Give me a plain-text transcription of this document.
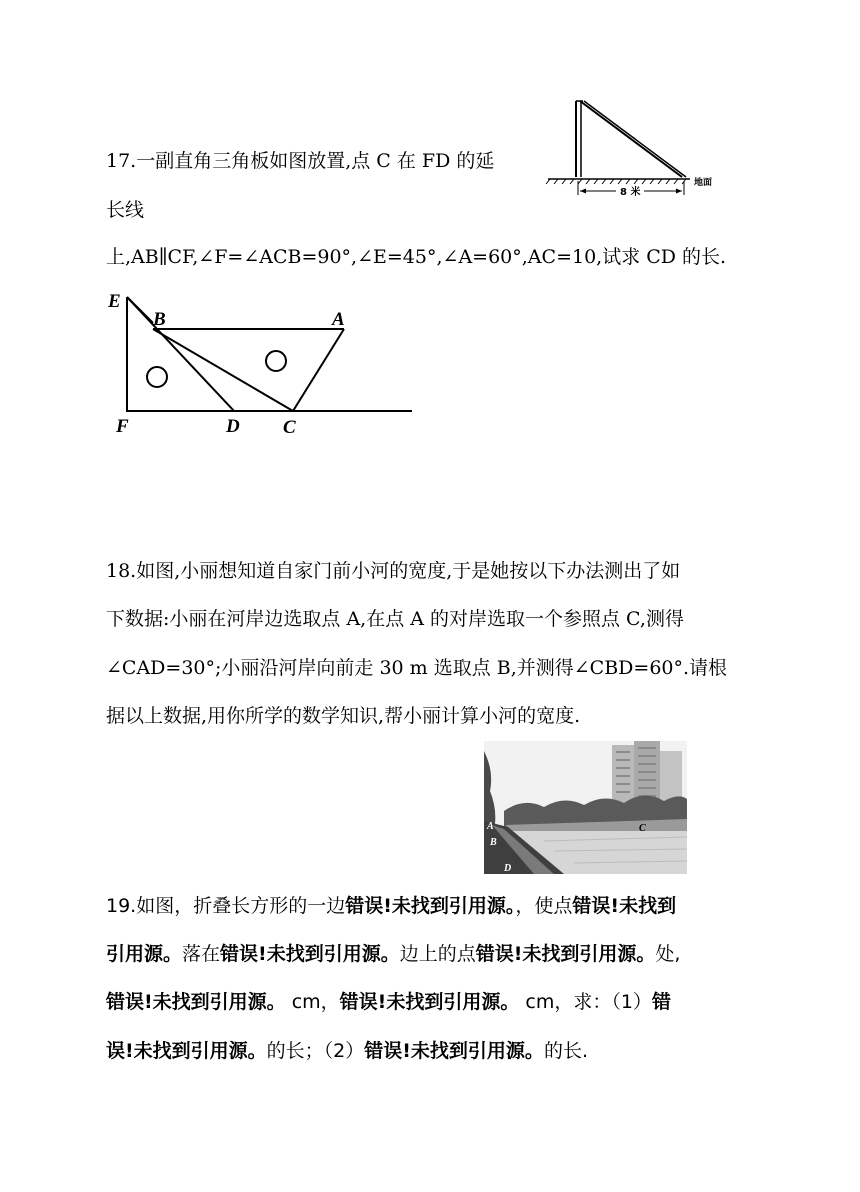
8 米
地面
17.一副直角三角板如图放置,点 C 在 FD 的延
长线
上,AB∥CF,∠F=∠ACB=90°,∠E=45°,∠A=60°,AC=10,试求 CD 的长.
E
B	A
F	D C
18.如图,小丽想知道自家门前小河的宽度,于是她按以下办法测出了如
下数据:小丽在河岸边选取点 A,在点 A 的对岸选取一个参照点 C,测得
∠CAD=30°;小丽沿河岸向前走 30 m 选取点 B,并测得∠CBD=60°.请根
据以上数据,用你所学的数学知识,帮小丽计算小河的宽度.
A
B
C
D
19.如图，折叠长方形的一边错误!未找到引用源。，使点错误!未找到
引用源。落在错误!未找到引用源。边上的点错误!未找到引用源。处,
错误!未找到引用源。 cm，错误!未找到引用源。 cm，求：（1）错
误!未找到引用源。的长；（2）错误!未找到引用源。的长.
